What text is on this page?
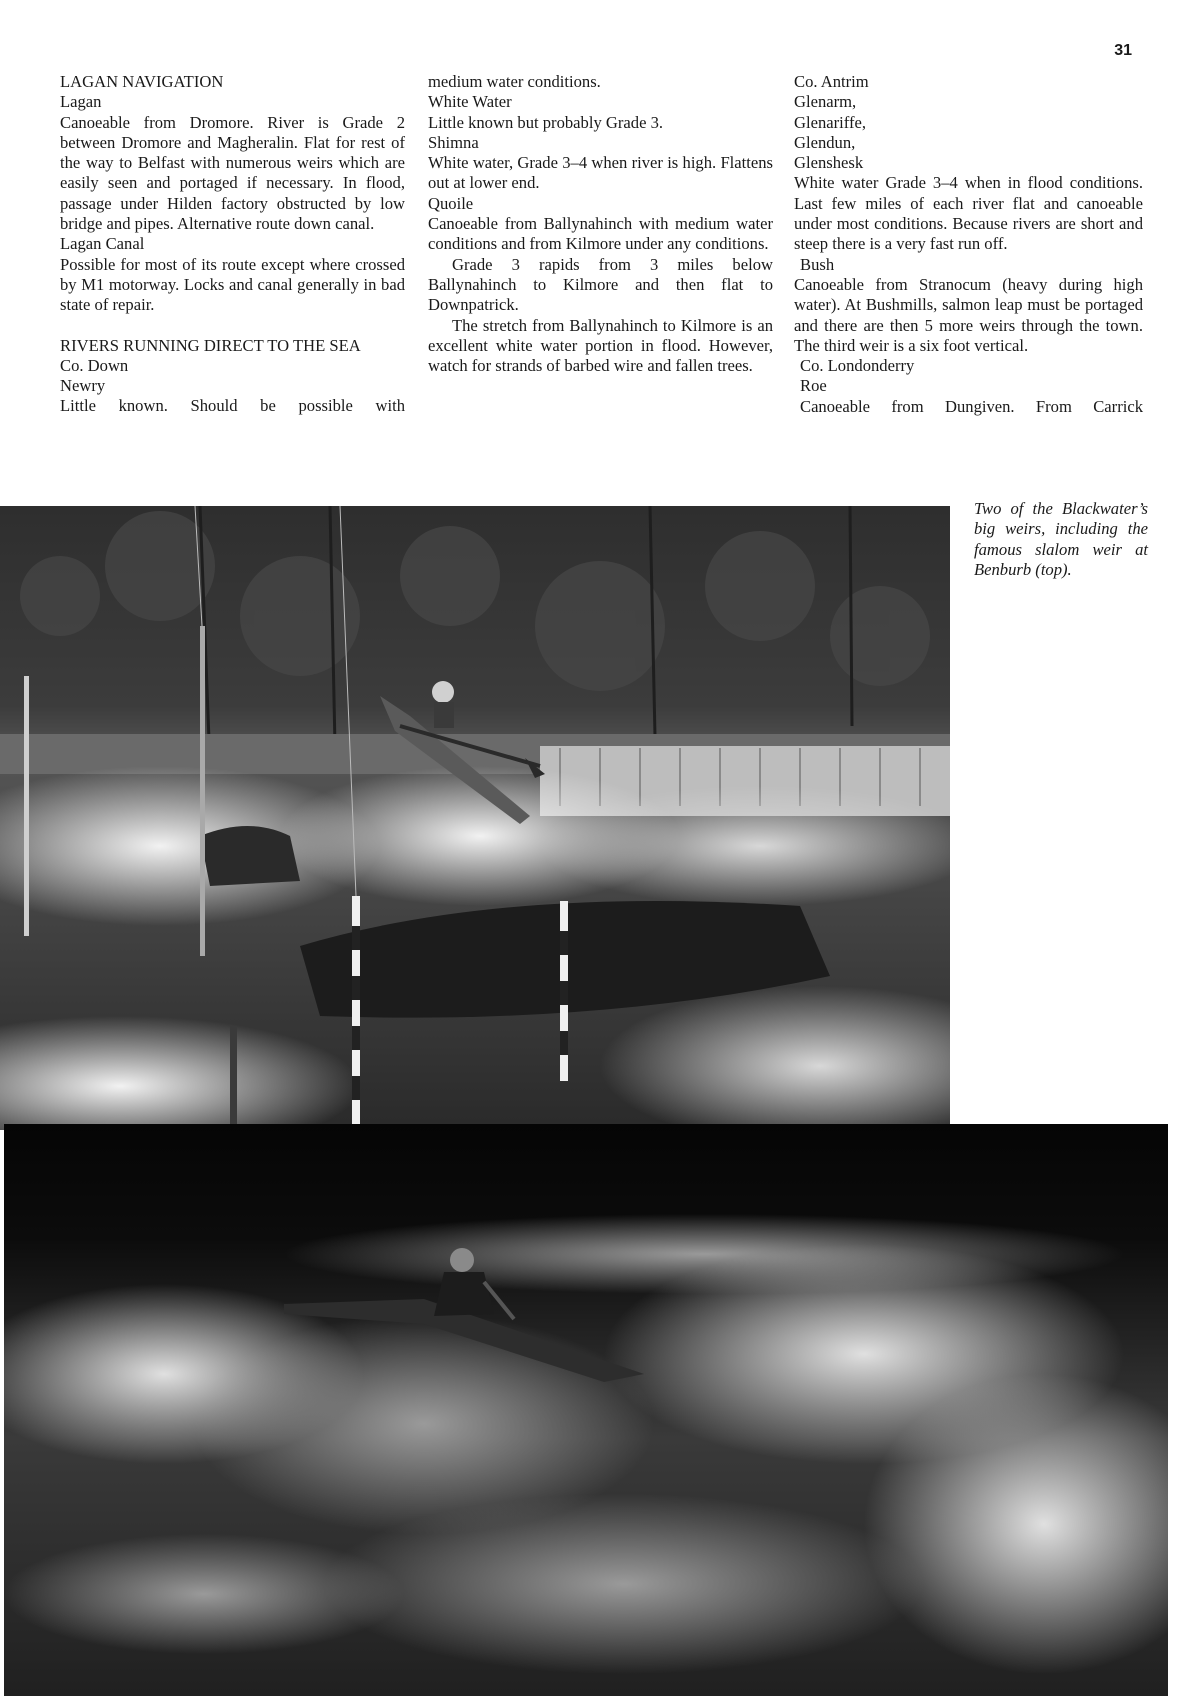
31

LAGAN NAVIGATION

Lagan

Canoeable from Dromore. River is Grade 2 between Dromore and Magheralin. Flat for rest of the way to Belfast with numerous weirs which are easily seen and portaged if necessary. In flood, passage under Hilden factory obstructed by low bridge and pipes. Alternative route down canal.

Lagan Canal

Possible for most of its route except where crossed by M1 motorway. Locks and canal generally in bad state of repair.

RIVERS RUNNING DIRECT TO THE SEA

Co. Down

Newry

Little known. Should be possible with

medium water conditions.

White Water

Little known but probably Grade 3.

Shimna

White water, Grade 3–4 when river is high. Flattens out at lower end.

Quoile

Canoeable from Ballynahinch with medium water conditions and from Kilmore under any conditions.

Grade 3 rapids from 3 miles below Ballynahinch to Kilmore and then flat to Downpatrick.

The stretch from Ballynahinch to Kilmore is an excellent white water portion in flood. However, watch for strands of barbed wire and fallen trees.

Co. Antrim

Glenarm,

Glenariffe,

Glendun,

Glenshesk

White water Grade 3–4 when in flood conditions. Last few miles of each river flat and canoeable under most conditions. Because rivers are short and steep there is a very fast run off.

Bush

Canoeable from Stranocum (heavy during high water). At Bushmills, salmon leap must be portaged and there are then 5 more weirs through the town. The third weir is a six foot vertical.

Co. Londonderry

Roe

Canoeable from Dungiven. From Carrick

Two of the Blackwater’s big weirs, including the famous slalom weir at Benburb (top).
